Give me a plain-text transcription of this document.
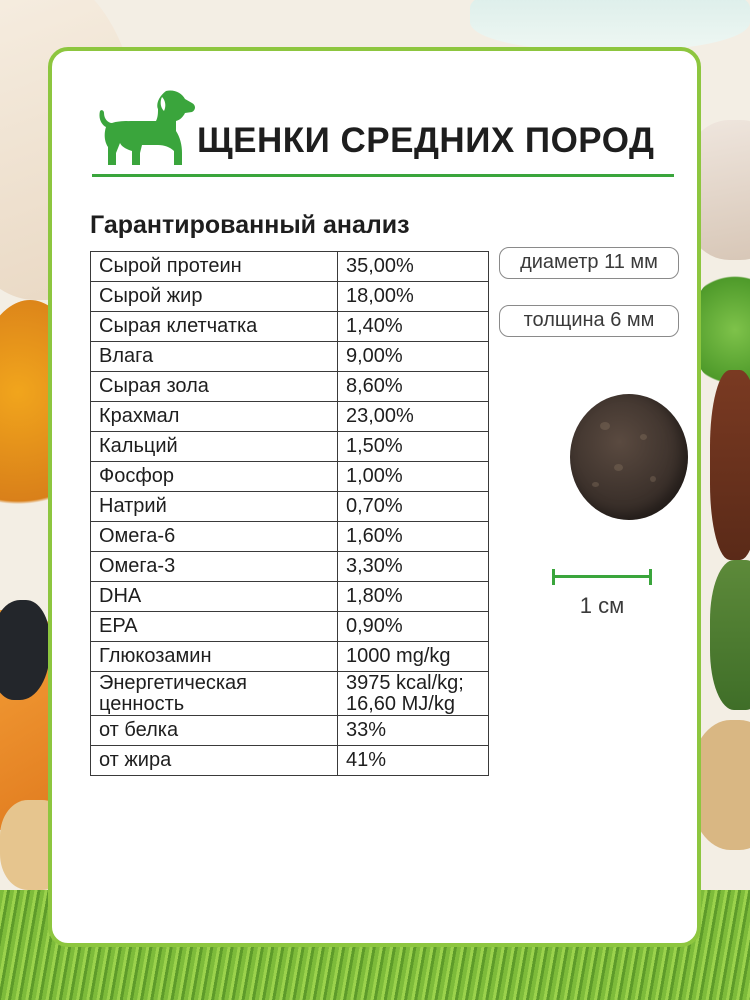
ЩЕНКИ СРЕДНИХ ПОРОД
Гарантированный анализ
Сырой протеин	35,00%
Сырой жир	18,00%
Сырая клетчатка	1,40%
Влага	9,00%
Сырая зола	8,60%
Крахмал	23,00%
Кальций	1,50%
Фосфор	1,00%
Натрий	0,70%
Омега-6	1,60%
Омега-3	3,30%
DHA	1,80%
EPA	0,90%
Глюкозамин	1000 mg/kg
Энергетическая ценность	3975 kcal/kg; 16,60 MJ/kg
от белка	33%
от жира	41%
диаметр 11 мм
толщина 6 мм
1 см
